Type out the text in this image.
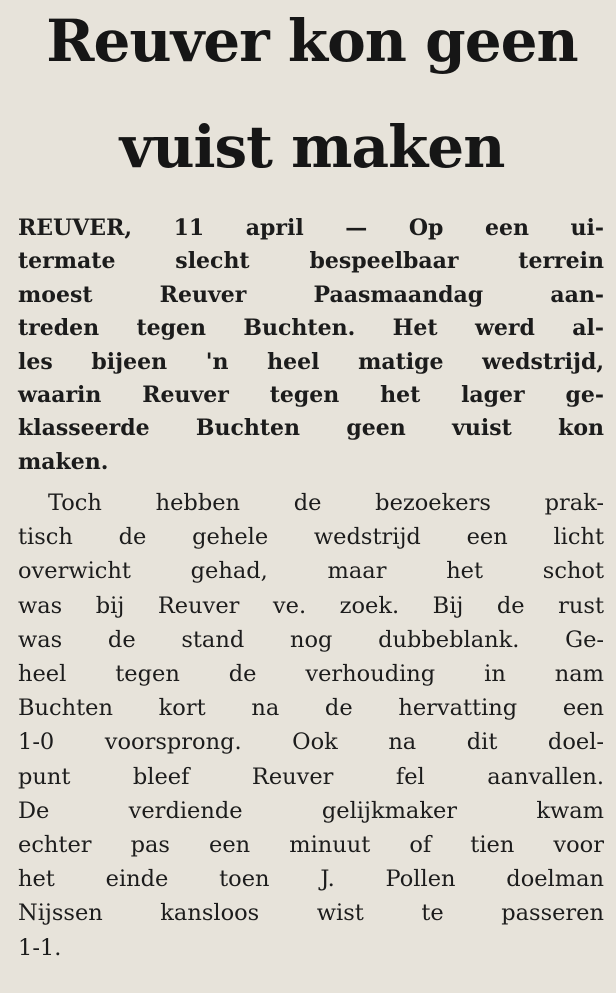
Reuver kon geen
vuist maken
REUVER, 11 april — Op een ui-
termate slecht bespeelbaar terrein
moest Reuver Paasmaandag aan-
treden tegen Buchten. Het werd al-
les bijeen 'n heel matige wedstrijd,
waarin Reuver tegen het lager ge-
klasseerde Buchten geen vuist kon
maken.
Toch hebben de bezoekers prak-
tisch de gehele wedstrijd een licht
overwicht gehad, maar het schot
was bij Reuver ve. zoek. Bij de rust
was de stand nog dubbeblank. Ge-
heel tegen de verhouding in nam
Buchten kort na de hervatting een
1-0 voorsprong. Ook na dit doel-
punt bleef Reuver fel aanvallen.
De verdiende gelijkmaker kwam
echter pas een minuut of tien voor
het einde toen J. Pollen doelman
Nijssen kansloos wist te passeren
1-1.
